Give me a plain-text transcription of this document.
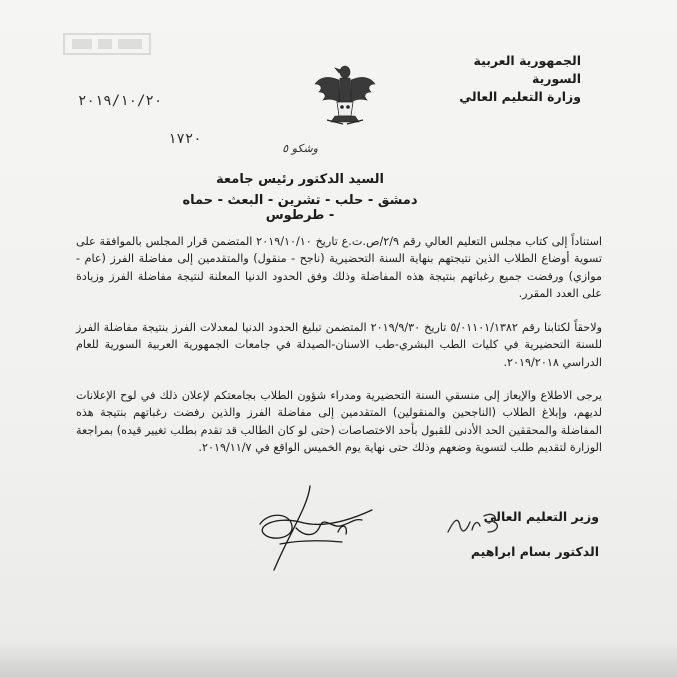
الجمهورية العربية السورية
وزارة التعليم العالي
٢٠١٩/١٠/٢٠
١٧٢٠
وشكو ٥
السيد الدكتور رئيس جامعة
دمشق - حلب - تشرين - البعث - حماه - طرطوس
استناداً إلى كتاب مجلس التعليم العالي رقم ٢/٩/ص.ت.ع تاريخ ٢٠١٩/١٠/١٠ المتضمن قرار المجلس بالموافقة على تسوية أوضاع الطلاب الذين نتيجتهم بنهاية السنة التحضيرية (ناجح - منقول) والمتقدمين إلى مفاضلة الفرز (عام - موازي) ورفضت جميع رغباتهم بنتيجة هذه المفاضلة وذلك وفق الحدود الدنيا المعلنة لنتيجة مفاضلة الفرز وزيادة على العدد المقرر.
ولاحقاً لكتابنا رقم ٥/٠١١٠١/١٣٨٢ تاريخ ٢٠١٩/٩/٣٠ المتضمن تبليغ الحدود الدنيا لمعدلات الفرز بنتيجة مفاضلة الفرز للسنة التحضيرية في كليات الطب البشري-طب الاسنان-الصيدلة في جامعات الجمهورية العربية السورية للعام الدراسي ٢٠١٩/٢٠١٨.
يرجى الاطلاع والإيعاز إلى منسقي السنة التحضيرية ومدراء شؤون الطلاب بجامعتكم لإعلان ذلك في لوح الإعلانات لديهم، وإبلاغ الطلاب (الناجحين والمنقولين) المتقدمين إلى مفاضلة الفرز والذين رفضت رغباتهم بنتيجة هذه المفاضلة والمحققين الحد الأدنى للقبول بأحد الاختصاصات (حتى لو كان الطالب قد تقدم بطلب تغيير قيده) بمراجعة الوزارة لتقديم طلب لتسوية وضعهم وذلك حتى نهاية يوم الخميس الواقع في ٢٠١٩/١١/٧.
وزير التعليم العالي
الدكتور بسام ابراهيم
